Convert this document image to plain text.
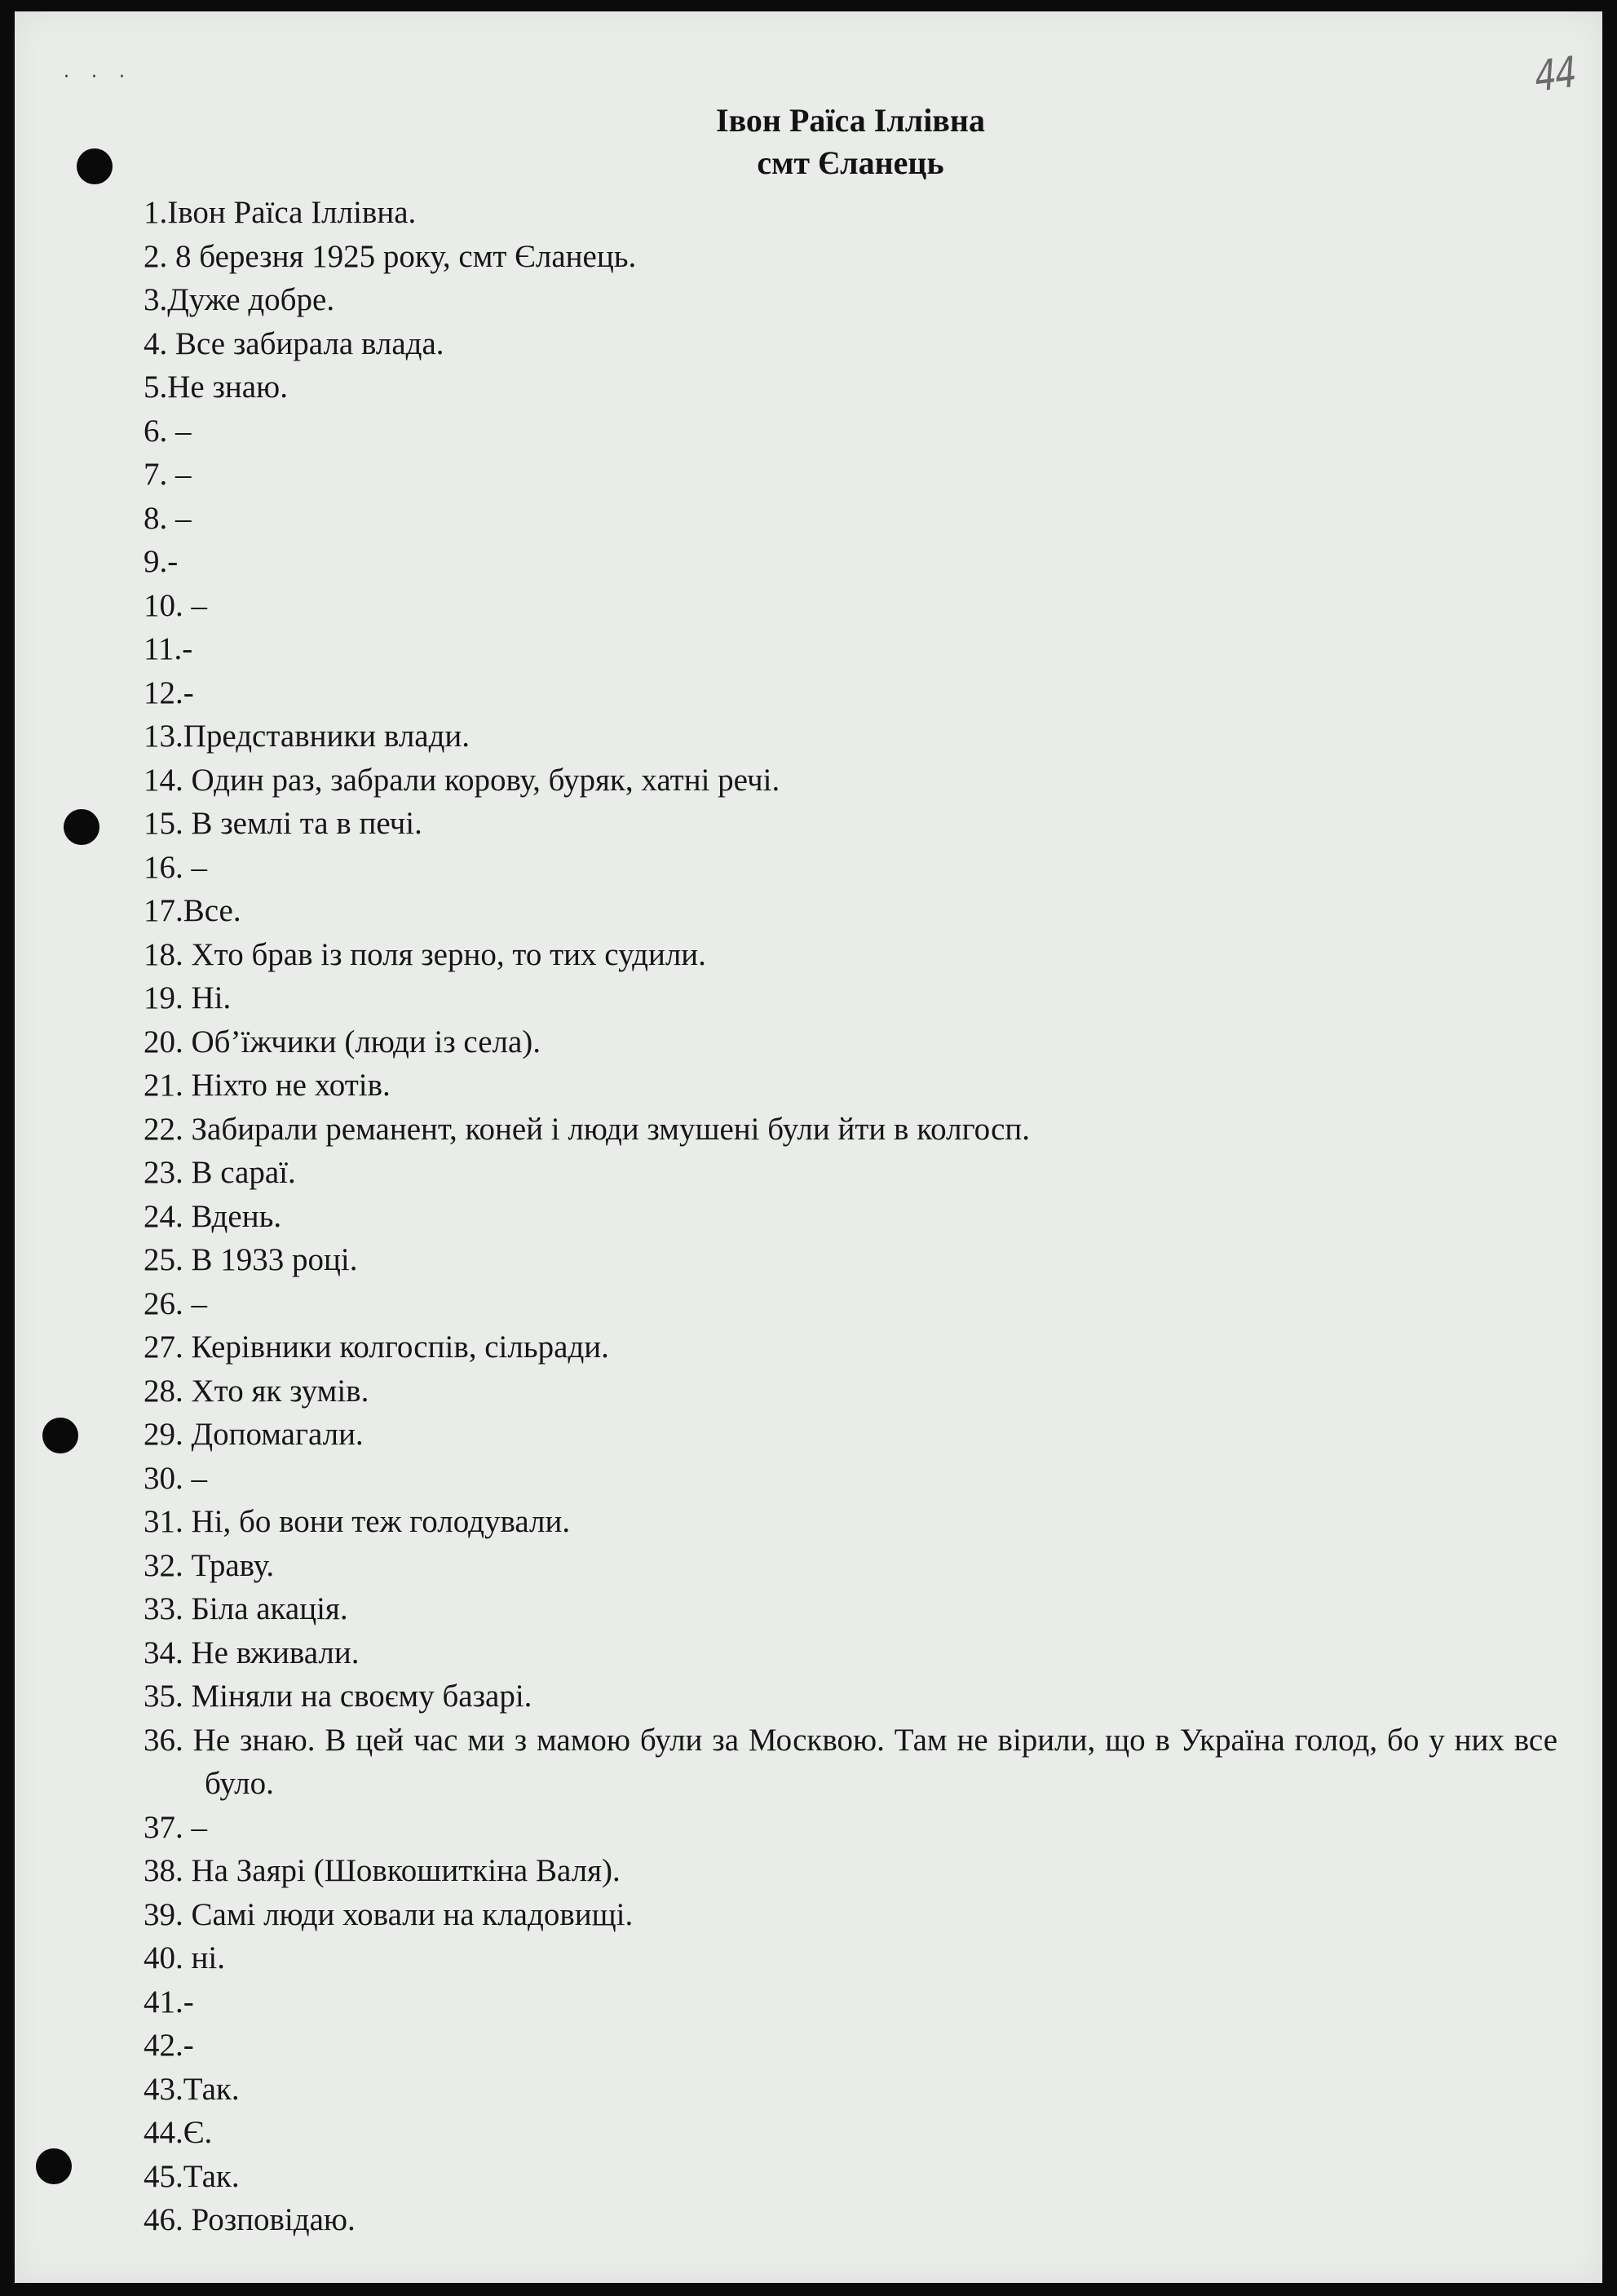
· · ·	44
Івон Раїса Іллівна
смт Єланець
1.Івон Раїса Іллівна.
2. 8 березня 1925 року, смт Єланець.
3.Дуже добре.
4. Все забирала влада.
5.Не знаю.
6. –
7. –
8. –
9.-
10. –
11.-
12.-
13.Представники влади.
14. Один раз, забрали корову, буряк, хатні речі.
15. В землі та в печі.
16. –
17.Все.
18. Хто брав із поля зерно, то тих судили.
19. Ні.
20. Об’їжчики (люди із села).
21. Ніхто не хотів.
22. Забирали реманент, коней і люди змушені були йти в колгосп.
23. В сараї.
24. Вдень.
25. В 1933 році.
26. –
27. Керівники колгоспів, сільради.
28. Хто як зумів.
29. Допомагали.
30. –
31. Ні, бо вони теж голодували.
32. Траву.
33. Біла акація.
34. Не вживали.
35. Міняли на своєму базарі.
36. Не знаю. В цей час ми з мамою були за Москвою. Там не вірили, що в Україна голод, бо у них все було.
37. –
38. На Заярі (Шовкошиткіна Валя).
39. Самі люди ховали на кладовищі.
40. ні.
41.-
42.-
43.Так.
44.Є.
45.Так.
46. Розповідаю.
